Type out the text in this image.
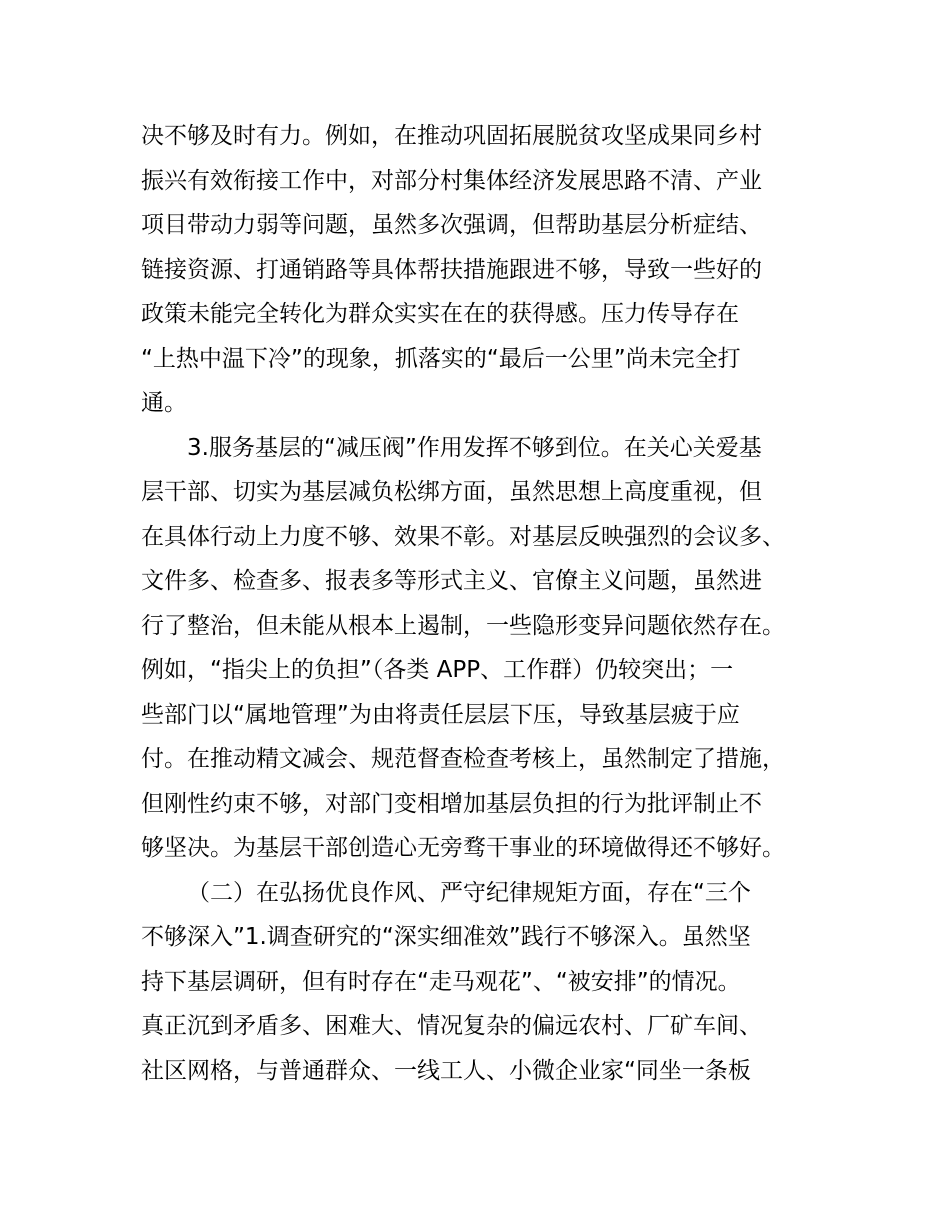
决不够及时有力。例如，在推动巩固拓展脱贫攻坚成果同乡村
振兴有效衔接工作中，对部分村集体经济发展思路不清、产业
项目带动力弱等问题，虽然多次强调，但帮助基层分析症结、
链接资源、打通销路等具体帮扶措施跟进不够，导致一些好的
政策未能完全转化为群众实实在在的获得感。压力传导存在
“上热中温下冷”的现象，抓落实的“最后一公里”尚未完全打
通。
3.服务基层的“减压阀”作用发挥不够到位。在关心关爱基
层干部、切实为基层减负松绑方面，虽然思想上高度重视，但
在具体行动上力度不够、效果不彰。对基层反映强烈的会议多、
文件多、检查多、报表多等形式主义、官僚主义问题，虽然进
行了整治，但未能从根本上遏制，一些隐形变异问题依然存在。
例如，“指尖上的负担”（各类 APP、工作群）仍较突出；一
些部门以“属地管理”为由将责任层层下压，导致基层疲于应
付。在推动精文减会、规范督查检查考核上，虽然制定了措施，
但刚性约束不够，对部门变相增加基层负担的行为批评制止不
够坚决。为基层干部创造心无旁骛干事业的环境做得还不够好。
（二）在弘扬优良作风、严守纪律规矩方面，存在“三个
不够深入”1.调查研究的“深实细准效”践行不够深入。虽然坚
持下基层调研，但有时存在“走马观花”、“被安排”的情况。
真正沉到矛盾多、困难大、情况复杂的偏远农村、厂矿车间、
社区网格，与普通群众、一线工人、小微企业家“同坐一条板
